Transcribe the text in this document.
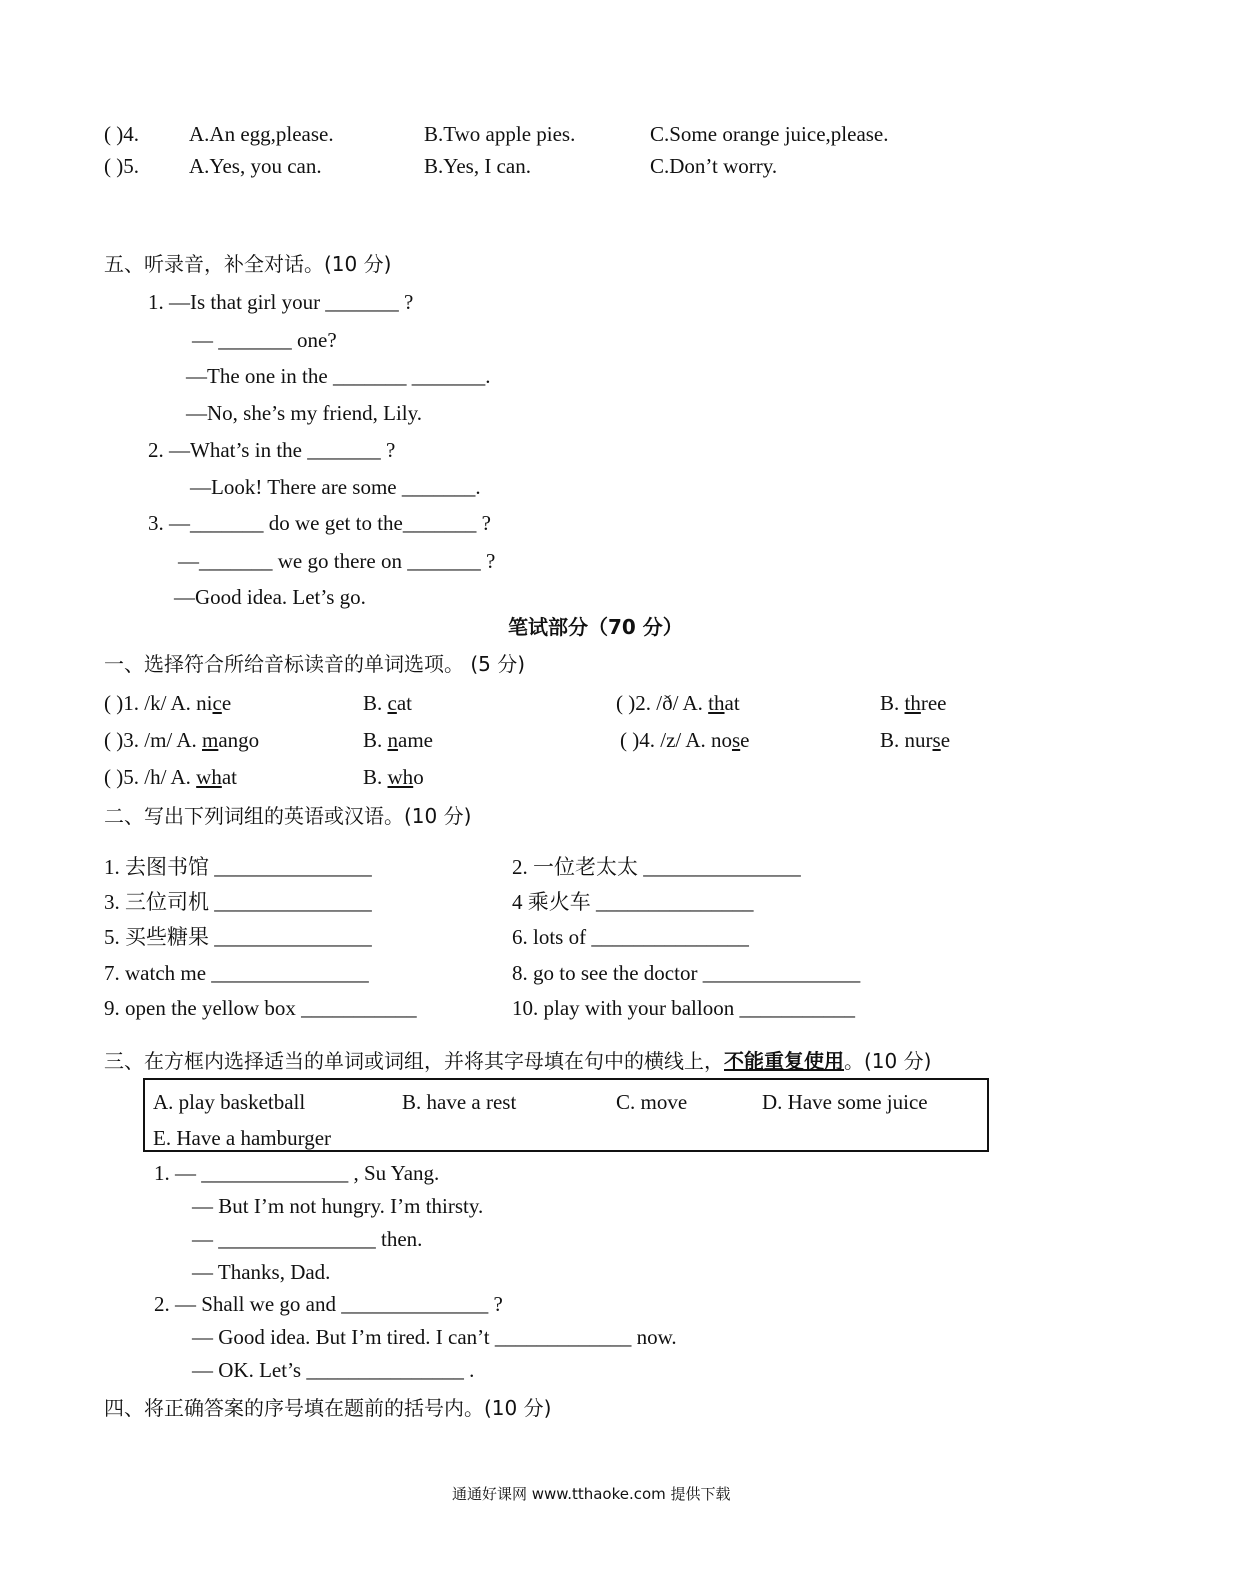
( )4. A.An egg,please.	B.Two apple pies.	C.Some orange juice,please.
( )5. A.Yes, you can.	B.Yes, I can.	C.Don’t worry.
五、听录音，补全对话。(10 分)
1. —Is that girl your _______ ?
— _______ one?
—The one in the _______ _______.
—No, she’s my friend, Lily.
2. —What’s in the _______ ?
—Look! There are some _______.
3. —_______ do we get to the_______ ?
—_______ we go there on _______ ?
—Good idea. Let’s go.
笔试部分（70 分）
一、选择符合所给音标读音的单词选项。 (5 分)
( )1. /k/ A. nice	B. cat	( )2. /ð/ A. that	B. three
( )3. /m/ A. mango	B. name	( )4. /z/ A. nose	B. nurse
( )5. /h/ A. what	B. who
二、写出下列词组的英语或汉语。(10 分)
1. 去图书馆 _______________	2. 一位老太太 _______________
3. 三位司机 _______________	4 乘火车 _______________
5. 买些糖果 _______________	6. lots of _______________
7. watch me _______________	8. go to see the doctor _______________
9. open the yellow box ___________	10. play with your balloon ___________
三、在方框内选择适当的单词或词组，并将其字母填在句中的横线上，不能重复使用。(10 分)
A. play basketball	B. have a rest	C. move	D. Have some juice
E. Have a hamburger
1. — ______________ , Su Yang.
— But I’m not hungry. I’m thirsty.
— _______________ then.
— Thanks, Dad.
2. — Shall we go and ______________ ?
— Good idea. But I’m tired. I can’t _____________ now.
— OK. Let’s _______________ .
四、将正确答案的序号填在题前的括号内。(10 分)
通通好课网 www.tthaoke.com 提供下载
